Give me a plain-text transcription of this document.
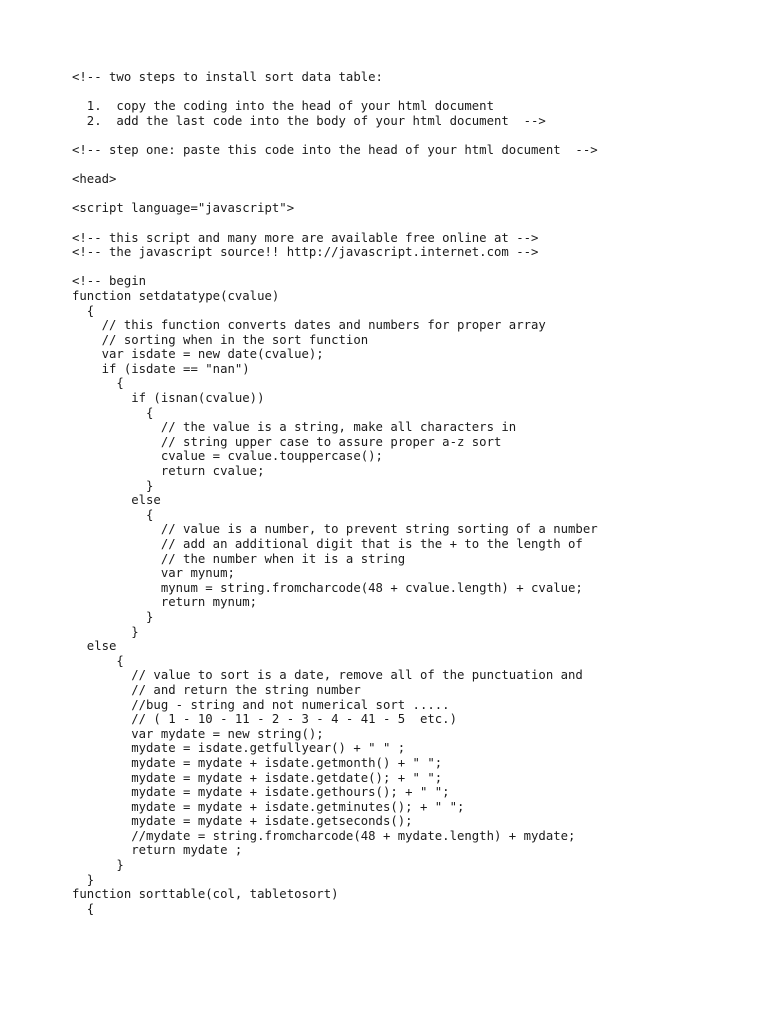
<!-- two steps to install sort data table:
1.  copy the coding into the head of your html document
2.  add the last code into the body of your html document  -->
<!-- step one: paste this code into the head of your html document  -->
<head>
<script language="javascript">
<!-- this script and many more are available free online at -->
<!-- the javascript source!! http://javascript.internet.com -->
<!-- begin
function setdatatype(cvalue)
{
// this function converts dates and numbers for proper array
// sorting when in the sort function
var isdate = new date(cvalue);
if (isdate == "nan")
{
if (isnan(cvalue))
{
// the value is a string, make all characters in
// string upper case to assure proper a-z sort
cvalue = cvalue.touppercase();
return cvalue;
}
else
{
// value is a number, to prevent string sorting of a number
// add an additional digit that is the + to the length of
// the number when it is a string
var mynum;
mynum = string.fromcharcode(48 + cvalue.length) + cvalue;
return mynum;
}
}
else
{
// value to sort is a date, remove all of the punctuation and
// and return the string number
//bug - string and not numerical sort .....
// ( 1 - 10 - 11 - 2 - 3 - 4 - 41 - 5  etc.)
var mydate = new string();
mydate = isdate.getfullyear() + " " ;
mydate = mydate + isdate.getmonth() + " ";
mydate = mydate + isdate.getdate(); + " ";
mydate = mydate + isdate.gethours(); + " ";
mydate = mydate + isdate.getminutes(); + " ";
mydate = mydate + isdate.getseconds();
//mydate = string.fromcharcode(48 + mydate.length) + mydate;
return mydate ;
}
}
function sorttable(col, tabletosort)
{
